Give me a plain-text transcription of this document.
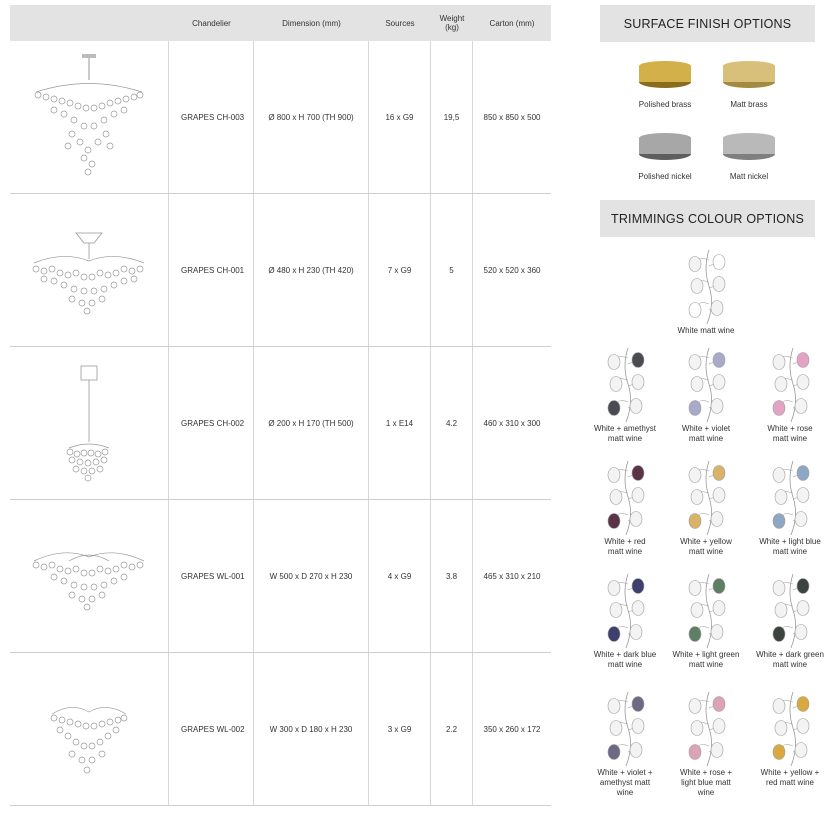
Chandelier	Dimension (mm)	Sources	Weight
(kg)	Carton (mm)
GRAPES CH-003	Ø 800 x H 700 (TH 900)	16 x G9	19,5	850 x 850 x 500
GRAPES CH-001	Ø 480 x H 230 (TH 420)	7 x G9	5	520 x 520 x 360
GRAPES CH-002	Ø 200 x H 170 (TH 500)	1 x E14	4.2	460 x 310 x 300
GRAPES WL-001	W 500 x D 270 x H 230	4 x G9	3.8	465 x 310 x 210
GRAPES WL-002	W 300 x D 180 x H 230	3 x G9	2.2	350 x 260 x 172
SURFACE FINISH OPTIONS
Polished brass	Matt brass
Polished nickel	Matt nickel
TRIMMINGS COLOUR OPTIONS
White matt wine
White + amethyst
matt wine
White + violet
matt wine
White + rose
matt wine
White + red
matt wine
White + yellow
matt wine
White + light blue
matt wine
White + dark blue
matt wine
White + light green
matt wine
White + dark green
matt wine
White + violet +
amethyst matt
wine
White + rose +
light blue matt
wine
White + yellow +
red matt wine
